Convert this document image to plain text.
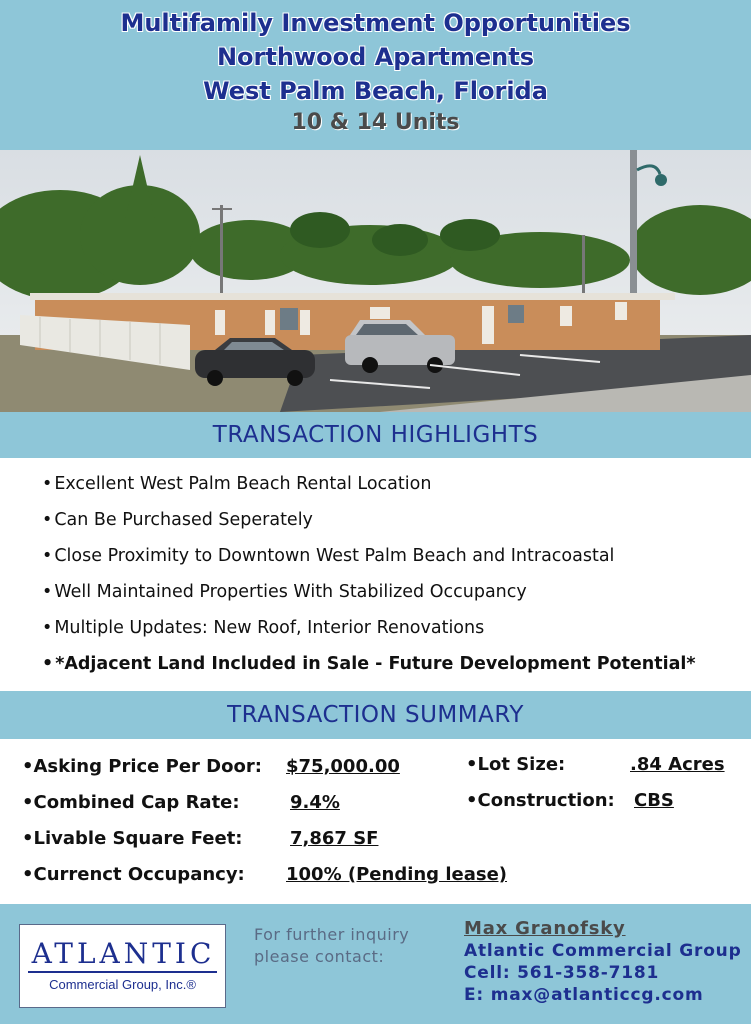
Multifamily Investment Opportunities
Northwood Apartments
West Palm Beach, Florida
10 & 14 Units
TRANSACTION HIGHLIGHTS
• Excellent West Palm Beach Rental Location
• Can Be Purchased Seperately
• Close Proximity to Downtown West Palm Beach and Intracoastal
• Well Maintained Properties With Stabilized Occupancy
• Multiple Updates: New Roof, Interior Renovations
• *Adjacent Land Included in Sale - Future Development Potential*
TRANSACTION SUMMARY
•Asking Price Per Door: $75,000.00
•Combined Cap Rate:	9.4%
•Livable Square Feet:	7,867 SF
•Currenct Occupancy: 100% (Pending lease)
•Lot Size:	.84 Acres
•Construction: CBS
ATLANTIC
Commercial Group, Inc.®
For further inquiry
please contact:
Max Granofsky
Atlantic Commercial Group
Cell: 561-358-7181
E: max@atlanticcg.com
